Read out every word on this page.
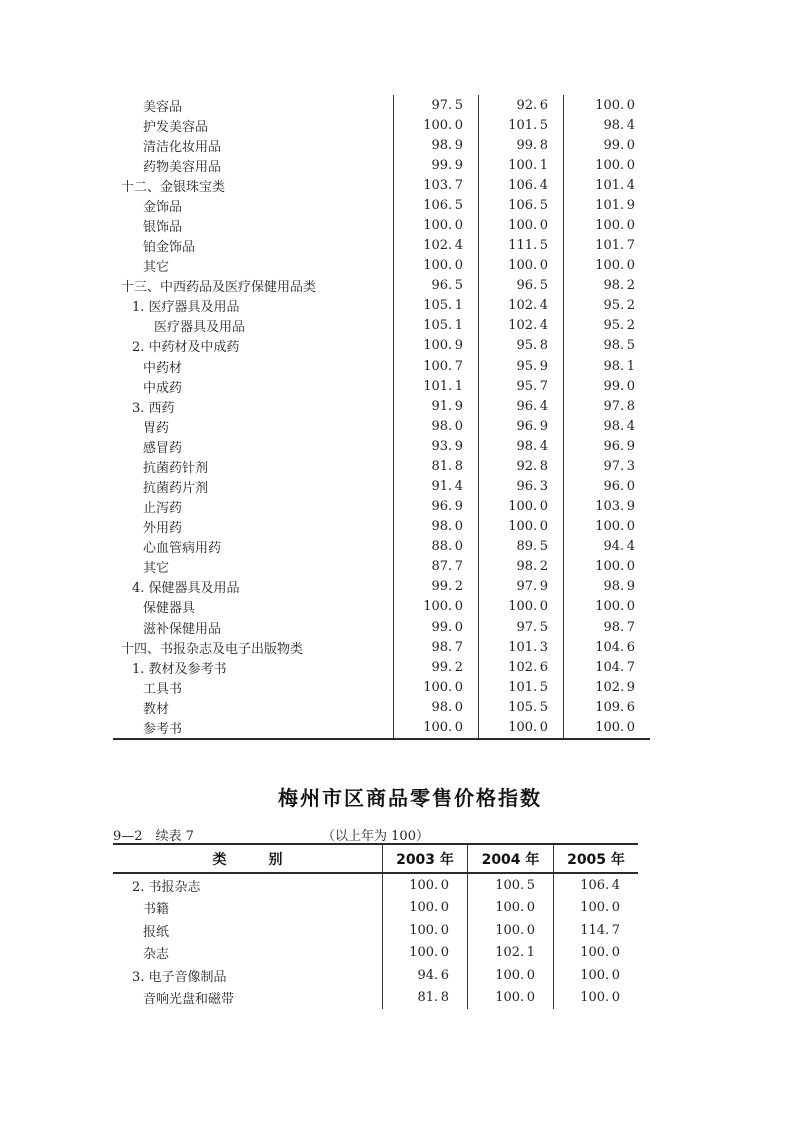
美容品	97. 5	92. 6	100. 0
护发美容品	100. 0	101. 5	98. 4
清洁化妆用品	98. 9	99. 8	99. 0
药物美容用品	99. 9	100. 1	100. 0
十二、金银珠宝类	103. 7	106. 4	101. 4
金饰品	106. 5	106. 5	101. 9
银饰品	100. 0	100. 0	100. 0
铂金饰品	102. 4	111. 5	101. 7
其它	100. 0	100. 0	100. 0
十三、中西药品及医疗保健用品类	96. 5	96. 5	98. 2
1. 医疗器具及用品	105. 1	102. 4	95. 2
医疗器具及用品	105. 1	102. 4	95. 2
2. 中药材及中成药	100. 9	95. 8	98. 5
中药材	100. 7	95. 9	98. 1
中成药	101. 1	95. 7	99. 0
3. 西药	91. 9	96. 4	97. 8
胃药	98. 0	96. 9	98. 4
感冒药	93. 9	98. 4	96. 9
抗菌药针剂	81. 8	92. 8	97. 3
抗菌药片剂	91. 4	96. 3	96. 0
止泻药	96. 9	100. 0	103. 9
外用药	98. 0	100. 0	100. 0
心血管病用药	88. 0	89. 5	94. 4
其它	87. 7	98. 2	100. 0
4. 保健器具及用品	99. 2	97. 9	98. 9
保健器具	100. 0	100. 0	100. 0
滋补保健用品	99. 0	97. 5	98. 7
十四、书报杂志及电子出版物类	98. 7	101. 3	104. 6
1. 教材及参考书	99. 2	102. 6	104. 7
工具书	100. 0	101. 5	102. 9
教材	98. 0	105. 5	109. 6
参考书	100. 0	100. 0	100. 0
梅州市区商品零售价格指数
9—2　续表 7	（以上年为 100）
类　　　别	2003 年	2004 年	2005 年
2. 书报杂志	100. 0	100. 5	106. 4
书籍	100. 0	100. 0	100. 0
报纸	100. 0	100. 0	114. 7
杂志	100. 0	102. 1	100. 0
3. 电子音像制品	94. 6	100. 0	100. 0
音响光盘和磁带	81. 8	100. 0	100. 0
